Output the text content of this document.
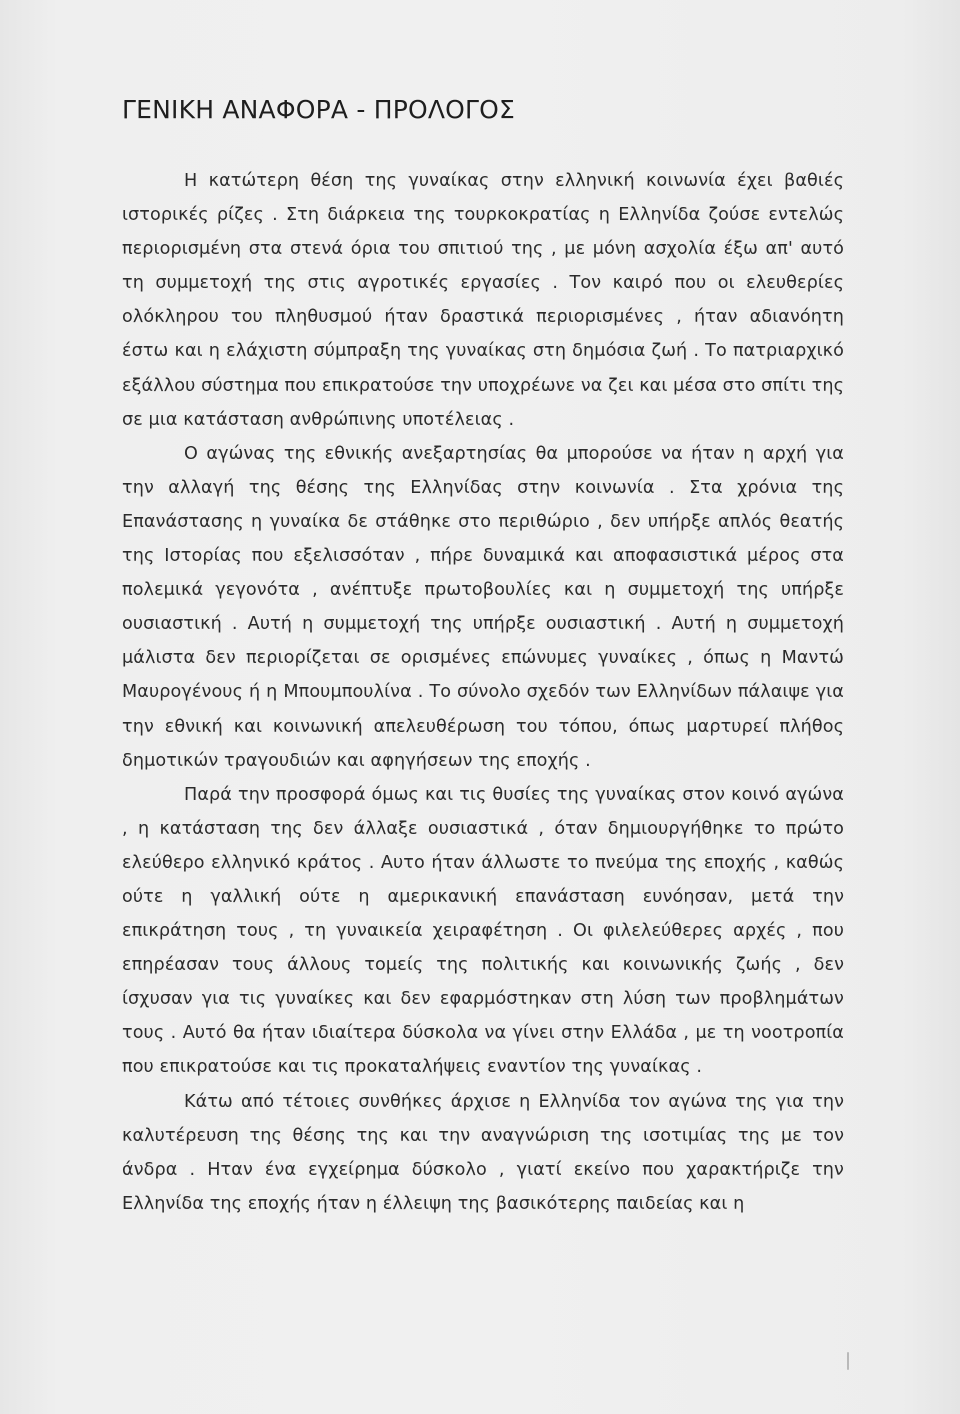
ΓΕΝΙΚΗ ΑΝΑΦΟΡΑ - ΠΡΟΛΟΓΟΣ

Η κατώτερη θέση της γυναίκας στην ελληνική κοινωνία έχει βαθιές ιστορικές ρίζες . Στη διάρκεια της τουρκοκρατίας η Ελληνίδα ζούσε εντελώς περιορισμένη στα στενά όρια του σπιτιού της , με μόνη ασχολία έξω απ' αυτό τη συμμετοχή της στις αγροτικές εργασίες . Τον καιρό που οι ελευθερίες ολόκληρου του πληθυσμού ήταν δραστικά περιορισμένες , ήταν αδιανόητη έστω και η ελάχιστη σύμπραξη της γυναίκας στη δημόσια ζωή . Το πατριαρχικό εξάλλου σύστημα που επικρατούσε την υποχρέωνε να ζει και μέσα στο σπίτι της σε μια κατάσταση ανθρώπινης υποτέλειας .

Ο αγώνας της εθνικής ανεξαρτησίας θα μπορούσε να ήταν η αρχή για την αλλαγή της θέσης της Ελληνίδας στην κοινωνία . Στα χρόνια της Επανάστασης η γυναίκα δε στάθηκε στο περιθώριο , δεν υπήρξε απλός θεατής της Ιστορίας που εξελισσόταν , πήρε δυναμικά και αποφασιστικά μέρος στα πολεμικά γεγονότα , ανέπτυξε πρωτοβουλίες και η συμμετοχή της υπήρξε ουσιαστική . Αυτή η συμμετοχή της υπήρξε ουσιαστική . Αυτή η συμμετοχή μάλιστα δεν περιορίζεται σε ορισμένες επώνυμες γυναίκες , όπως η Μαντώ Μαυρογένους ή η Μπουμπουλίνα . Το σύνολο σχεδόν των Ελληνίδων πάλαιψε για την εθνική και κοινωνική απελευθέρωση του τόπου, όπως μαρτυρεί πλήθος δημοτικών τραγουδιών και αφηγήσεων της εποχής .

Παρά την προσφορά όμως και τις θυσίες της γυναίκας στον κοινό αγώνα , η κατάσταση της δεν άλλαξε ουσιαστικά , όταν δημιουργήθηκε το πρώτο ελεύθερο ελληνικό κράτος . Αυτο ήταν άλλωστε το πνεύμα της εποχής , καθώς ούτε η γαλλική ούτε η αμερικανική επανάσταση ευνόησαν, μετά την επικράτηση τους , τη γυναικεία χειραφέτηση . Οι φιλελεύθερες αρχές , που επηρέασαν τους άλλους τομείς της πολιτικής και κοινωνικής ζωής , δεν ίσχυσαν για τις γυναίκες και δεν εφαρμόστηκαν στη λύση των προβλημάτων τους . Αυτό θα ήταν ιδιαίτερα δύσκολα να γίνει στην Ελλάδα , με τη νοοτροπία που επικρατούσε και τις προκαταλήψεις εναντίον της γυναίκας .

Κάτω από τέτοιες συνθήκες άρχισε η Ελληνίδα τον αγώνα της για την καλυτέρευση της θέσης της και την αναγνώριση της ισοτιμίας της με τον άνδρα . Ηταν ένα εγχείρημα δύσκολο , γιατί εκείνο που χαρακτήριζε την Ελληνίδα της εποχής ήταν η έλλειψη της βασικότερης παιδείας και η
